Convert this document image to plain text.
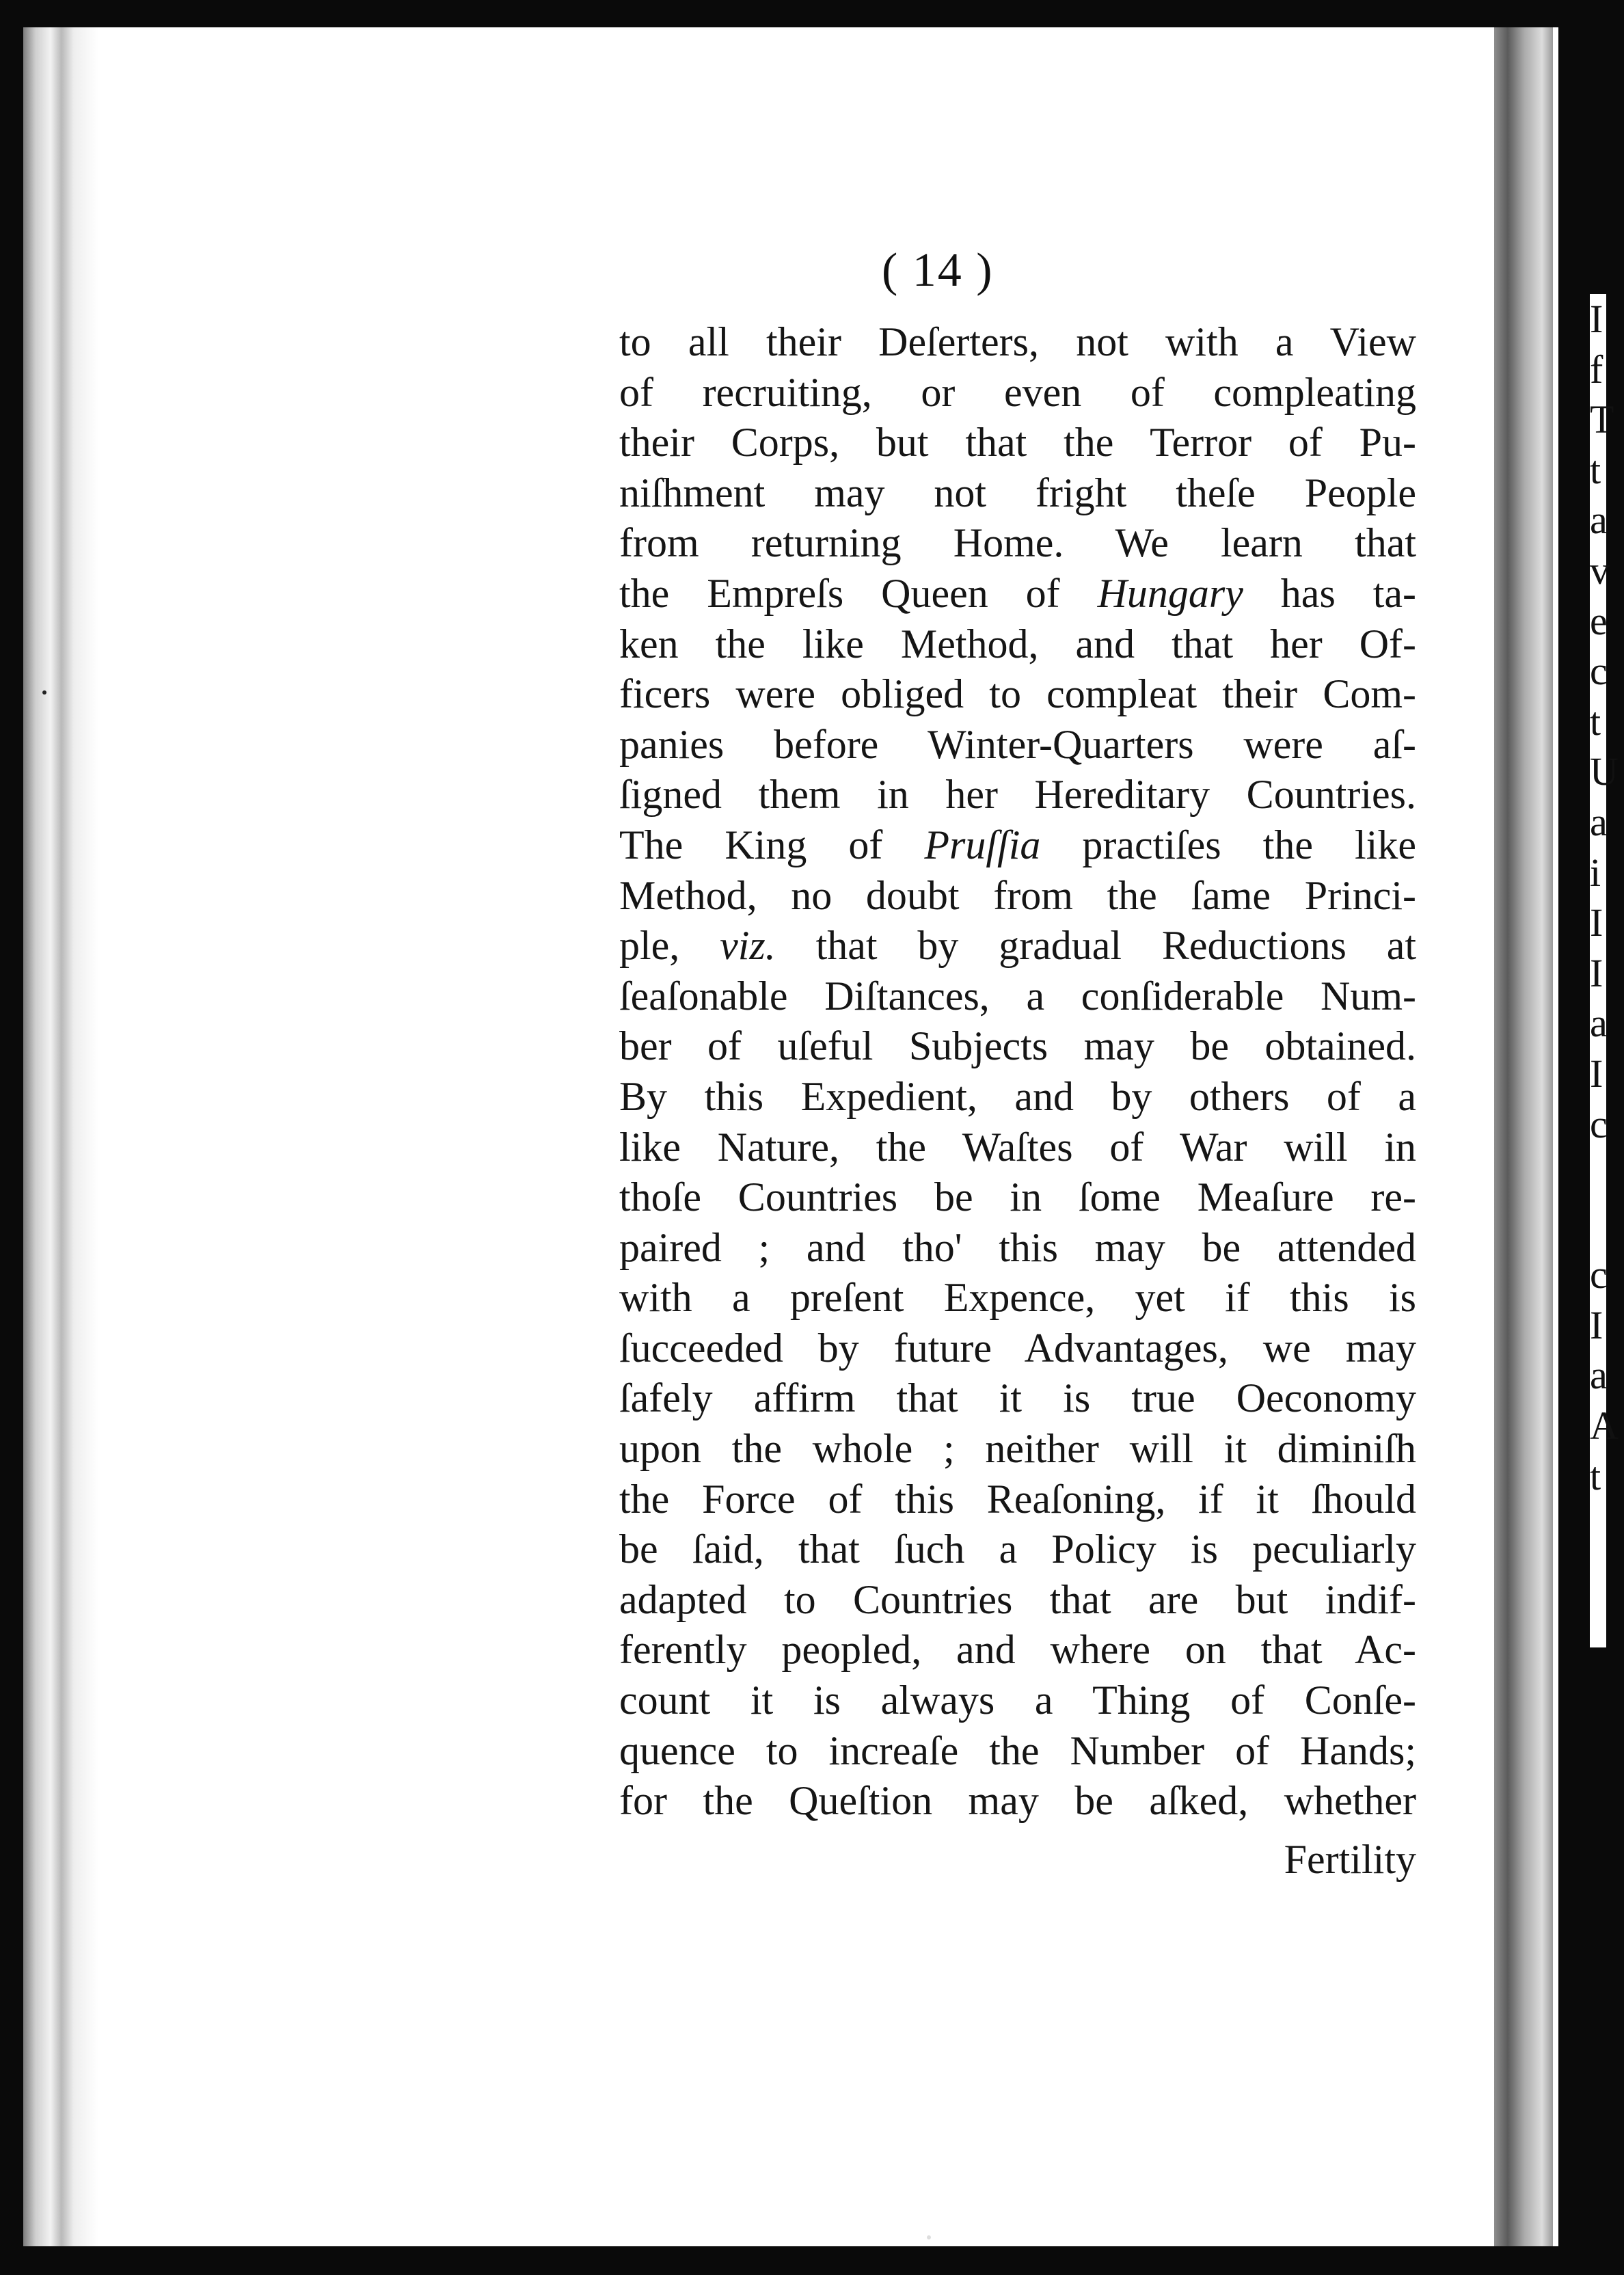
( 14 )
to all their Deſerters, not with a View
of recruiting, or even of compleating
their Corps, but that the Terror of Pu-
niſhment may not fright theſe People
from returning Home. We learn that
the Empreſs Queen of Hungary has ta-
ken the like Method, and that her Of-
ficers were obliged to compleat their Com-
panies before Winter-Quarters were aſ-
ſigned them in her Hereditary Countries.
The King of Pruſſia practiſes the like
Method, no doubt from the ſame Princi-
ple, viz. that by gradual Reductions at
ſeaſonable Diſtances, a conſiderable Num-
ber of uſeful Subjects may be obtained.
By this Expedient, and by others of a
like Nature, the Waſtes of War will in
thoſe Countries be in ſome Meaſure re-
paired ; and tho' this may be attended
with a preſent Expence, yet if this is
ſucceeded by future Advantages, we may
ſafely affirm that it is true Oeconomy
upon the whole ; neither will it diminiſh
the Force of this Reaſoning, if it ſhould
be ſaid, that ſuch a Policy is peculiarly
adapted to Countries that are but indif-
ferently peopled, and where on that Ac-
count it is always a Thing of Conſe-
quence to increaſe the Number of Hands;
for the Queſtion may be aſked, whether
Fertility
I
f
T
t
a
v
e
c
t
U
a
i
I
I
a
I
c

c
I
a
A
t
